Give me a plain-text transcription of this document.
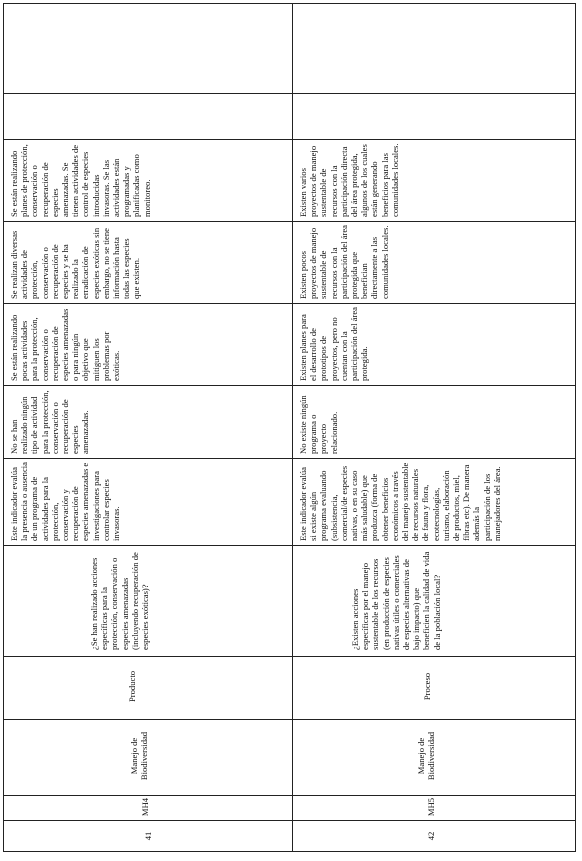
Se están realizando planes de protección, conservación o recuperación de especies amenazadas. Se tienen actividades de control de especies introducidas invasoras. Se las actividades están programadas y planificadas como monitoreo.
Se realizan diversas actividades de protección, conservación o recuperación de especies y se ha realizado la erradicación de especies exóticas sin embargo, no se tiene información hasta todas las especies que existen.
Se están realizando pocas actividades para la protección, conservación o recuperación de especies amenazadas o para ningún objetivo que mitiguen los problemas por exóticas.
No se han realizado ningún tipo de actividad para la protección, conservación o recuperación de especies amenazadas.
Este indicador evalúa la presencia o ausencia de un programa de actividades para la protección, conservación y recuperación de especies amenazadas e investigaciones para controlar especies invasoras.
¿Se han realizado acciones específicas para la protección, conservación o especies amenazadas (incluyendo recuperación de especies exóticas)?
Producto
Manejo de
Biodiversidad
MH4
41
Existen varios proyectos de manejo sustentable de recursos con la participación directa del área protegida, algunos de los cuales están generando beneficios para las comunidades locales.
Existen pocos proyectos de manejo sustentable de recursos con la participación del área protegida que benefician directamente a las comunidades locales.
Existen planes para el desarrollo de prototipos de proyectos, pero no cuentan con la participación del área protegida.
No existe ningún programa o proyecto relacionado.
Este indicador evalúa si existe algún programa evaluando (subsistencia, comercial/de especies nativas, o en su caso más saludable) que produzca (forma de obtener beneficios económicos a través del manejo sustentable de recursos naturales de fauna y flora, ecotecnologías, turismo, elaboración de productos, miel, fibras etc). De manera además la participación de los manejadores del área.
¿Existen acciones específicas por el manejo sustentable de los recursos (en producción de especies nativas útiles o comerciales de especies alternativas de bajo impacto) que beneficien la calidad de vida de la población local?
Proceso
Manejo de
Biodiversidad
MH5
42
